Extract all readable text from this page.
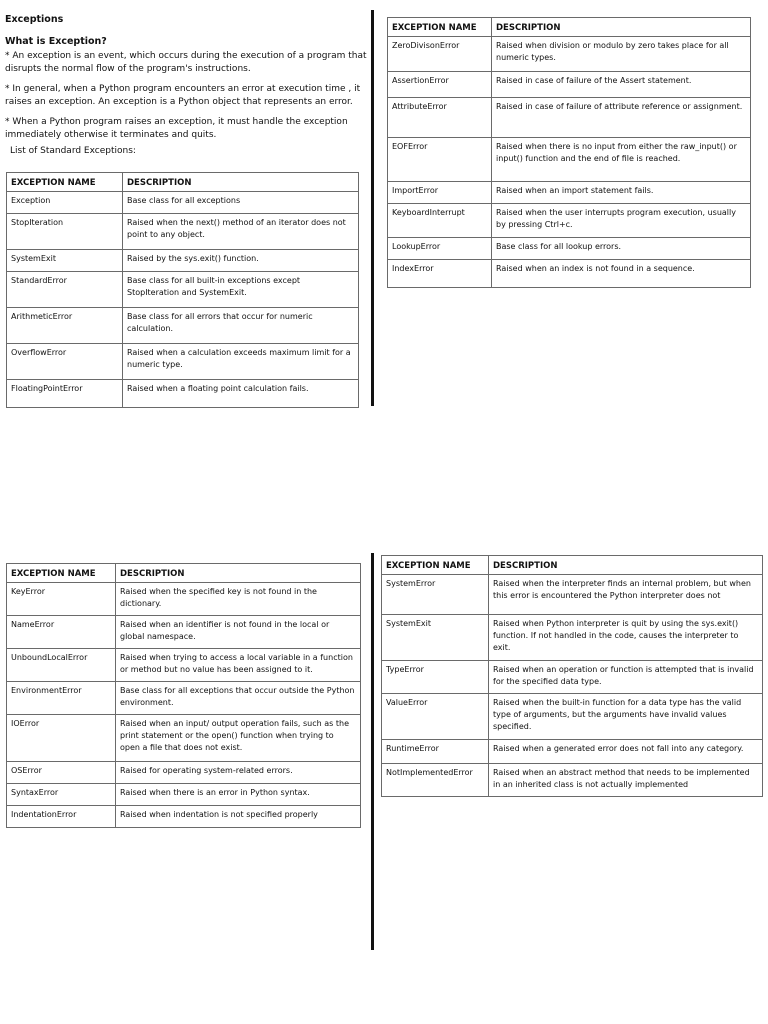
Exceptions

What is Exception?

* An exception is an event, which occurs during the execution of a program that disrupts the normal flow of the program's instructions.

* In general, when a Python program encounters an error at execution time , it raises an exception. An exception is a Python object that represents an error.

* When a Python program raises an exception, it must handle the exception immediately otherwise it terminates and quits.

List of Standard Exceptions:

EXCEPTION NAME	DESCRIPTION
Exception	Base class for all exceptions
StopIteration	Raised when the next() method of an iterator does not point to any object.
SystemExit	Raised by the sys.exit() function.
StandardError	Base class for all built-in exceptions except StopIteration and SystemExit.
ArithmeticError	Base class for all errors that occur for numeric calculation.
OverflowError	Raised when a calculation exceeds maximum limit for a numeric type.
FloatingPointError	Raised when a floating point calculation fails.
EXCEPTION NAME	DESCRIPTION
ZeroDivisonError	Raised when division or modulo by zero takes place for all numeric types.
AssertionError	Raised in case of failure of the Assert statement.
AttributeError	Raised in case of failure of attribute reference or assignment.
EOFError	Raised when there is no input from either the raw_input() or input() function and the end of file is reached.
ImportError	Raised when an import statement fails.
KeyboardInterrupt	Raised when the user interrupts program execution, usually by pressing Ctrl+c.
LookupError	Base class for all lookup errors.
IndexError	Raised when an index is not found in a sequence.
EXCEPTION NAME	DESCRIPTION
KeyError	Raised when the specified key is not found in the dictionary.
NameError	Raised when an identifier is not found in the local or global namespace.
UnboundLocalError	Raised when trying to access a local variable in a function or method but no value has been assigned to it.
EnvironmentError	Base class for all exceptions that occur outside the Python environment.
IOError	Raised when an input/ output operation fails, such as the print statement or the open() function when trying to open a file that does not exist.
OSError	Raised for operating system-related errors.
SyntaxError	Raised when there is an error in Python syntax.
IndentationError	Raised when indentation is not specified properly
EXCEPTION NAME	DESCRIPTION
SystemError	Raised when the interpreter finds an internal problem, but when this error is encountered the Python interpreter does not
SystemExit	Raised when Python interpreter is quit by using the sys.exit() function. If not handled in the code, causes the interpreter to exit.
TypeError	Raised when an operation or function is attempted that is invalid for the specified data type.
ValueError	Raised when the built-in function for a data type has the valid type of arguments, but the arguments have invalid values specified.
RuntimeError	Raised when a generated error does not fall into any category.
NotImplementedError	Raised when an abstract method that needs to be implemented in an inherited class is not actually implemented
